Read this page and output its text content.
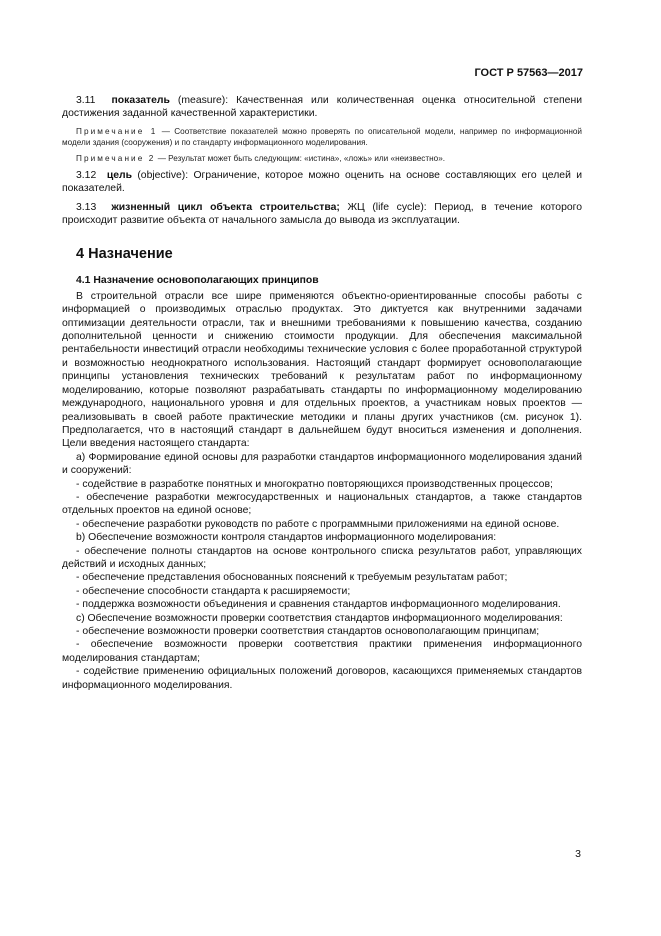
ГОСТ Р 57563—2017

3.11 показатель (measure): Качественная или количественная оценка относительной степени достижения заданной качественной характеристики.

Примечание 1 — Соответствие показателей можно проверять по описательной модели, например по информационной модели здания (сооружения) и по стандарту информационного моделирования.

Примечание 2 — Результат может быть следующим: «истина», «ложь» или «неизвестно».

3.12 цель (objective): Ограничение, которое можно оценить на основе составляющих его целей и показателей.

3.13 жизненный цикл объекта строительства; ЖЦ (life cycle): Период, в течение которого происходит развитие объекта от начального замысла до вывода из эксплуатации.

4 Назначение

4.1 Назначение основополагающих принципов

В строительной отрасли все шире применяются объектно-ориентированные способы работы с информацией о производимых отраслью продуктах. Это диктуется как внутренними задачами оптимизации деятельности отрасли, так и внешними требованиями к повышению качества, созданию дополнительной ценности и снижению стоимости продукции. Для обеспечения максимальной рентабельности инвестиций отрасли необходимы технические условия с более проработанной структурой и возможностью неоднократного использования. Настоящий стандарт формирует основополагающие принципы установления технических требований к результатам работ по информационному моделированию, которые позволяют разрабатывать стандарты по информационному моделированию международного, национального уровня и для отдельных проектов, а участникам новых проектов — реализовывать в своей работе практические методики и планы других участников (см. рисунок 1). Предполагается, что в настоящий стандарт в дальнейшем будут вноситься изменения и дополнения. Цели введения настоящего стандарта:

а) Формирование единой основы для разработки стандартов информационного моделирования зданий и сооружений:

- содействие в разработке понятных и многократно повторяющихся производственных процессов;

- обеспечение разработки межгосударственных и национальных стандартов, а также стандартов отдельных проектов на единой основе;

- обеспечение разработки руководств по работе с программными приложениями на единой основе.

b) Обеспечение возможности контроля стандартов информационного моделирования:

- обеспечение полноты стандартов на основе контрольного списка результатов работ, управляющих действий и исходных данных;

- обеспечение представления обоснованных пояснений к требуемым результатам работ;

- обеспечение способности стандарта к расширяемости;

- поддержка возможности объединения и сравнения стандартов информационного моделирования.

c) Обеспечение возможности проверки соответствия стандартов информационного моделирования:

- обеспечение возможности проверки соответствия стандартов основополагающим принципам;

- обеспечение возможности проверки соответствия практики применения информационного моделирования стандартам;

- содействие применению официальных положений договоров, касающихся применяемых стандартов информационного моделирования.

3
